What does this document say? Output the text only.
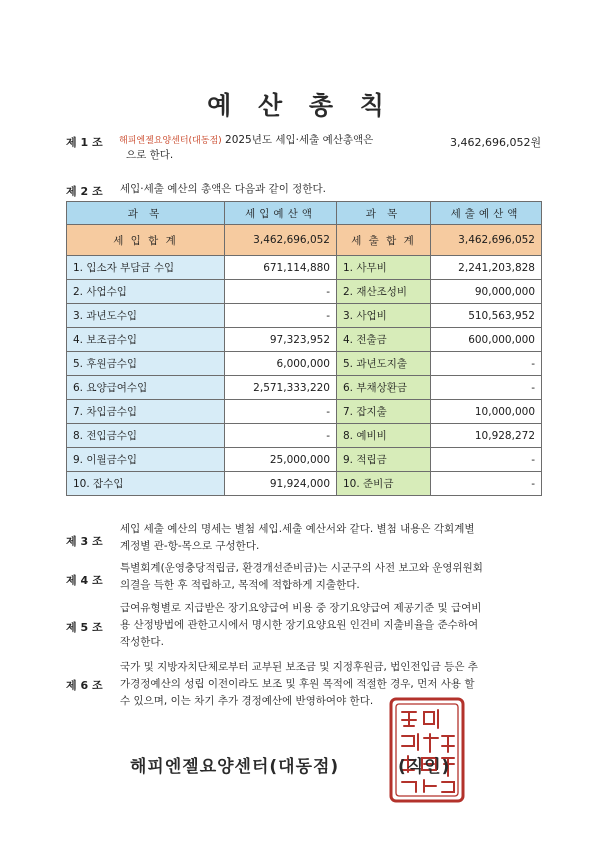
예 산 총 칙
제 1 조 해피엔젤요양센터(대동점) 2025년도 세입·세출 예산총액은
으로 한다.
3,462,696,052원
제 2 조 세입·세출 예산의 총액은 다음과 같이 정한다.
과 목	세입예산액	과 목	세출예산액
세 입 합 계	3,462,696,052	세 출 합 계	3,462,696,052
1. 입소자 부담금 수입	671,114,880	1. 사무비	2,241,203,828
2. 사업수입	-	2. 재산조성비	90,000,000
3. 과년도수입	-	3. 사업비	510,563,952
4. 보조금수입	97,323,952	4. 전출금	600,000,000
5. 후원금수입	6,000,000	5. 과년도지출	-
6. 요양급여수입	2,571,333,220	6. 부채상환금	-
7. 차입금수입	-	7. 잡지출	10,000,000
8. 전입금수입	-	8. 예비비	10,928,272
9. 이월금수입	25,000,000	9. 적립금	-
10. 잡수입	91,924,000	10. 준비금	-
제 3 조
세입 세출 예산의 명세는 별첨 세입.세출 예산서와 같다. 별첨 내용은 각회계별
계정별 관-항-목으로 구성한다.
제 4 조
특별회계(운영충당적립금, 환경개선준비금)는 시군구의 사전 보고와 운영위원회
의결을 득한 후 적립하고, 목적에 적합하게 지출한다.
제 5 조
급여유형별로 지급받은 장기요양급여 비용 중 장기요양급여 제공기준 및 급여비
용 산정방법에 관한고시에서 명시한 장기요양요원 인건비 지출비율을 준수하여
작성한다.
제 6 조
국가 및 지방자치단체로부터 교부된 보조금 및 지정후원금, 법인전입금 등은 추
가경정예산의 성립 이전이라도 보조 및 후원 목적에 적절한 경우, 먼저 사용 할
수 있으며, 이는 차기 추가 경정예산에 반영하여야 한다.
해피엔젤요양센터(대동점)	(직인)
